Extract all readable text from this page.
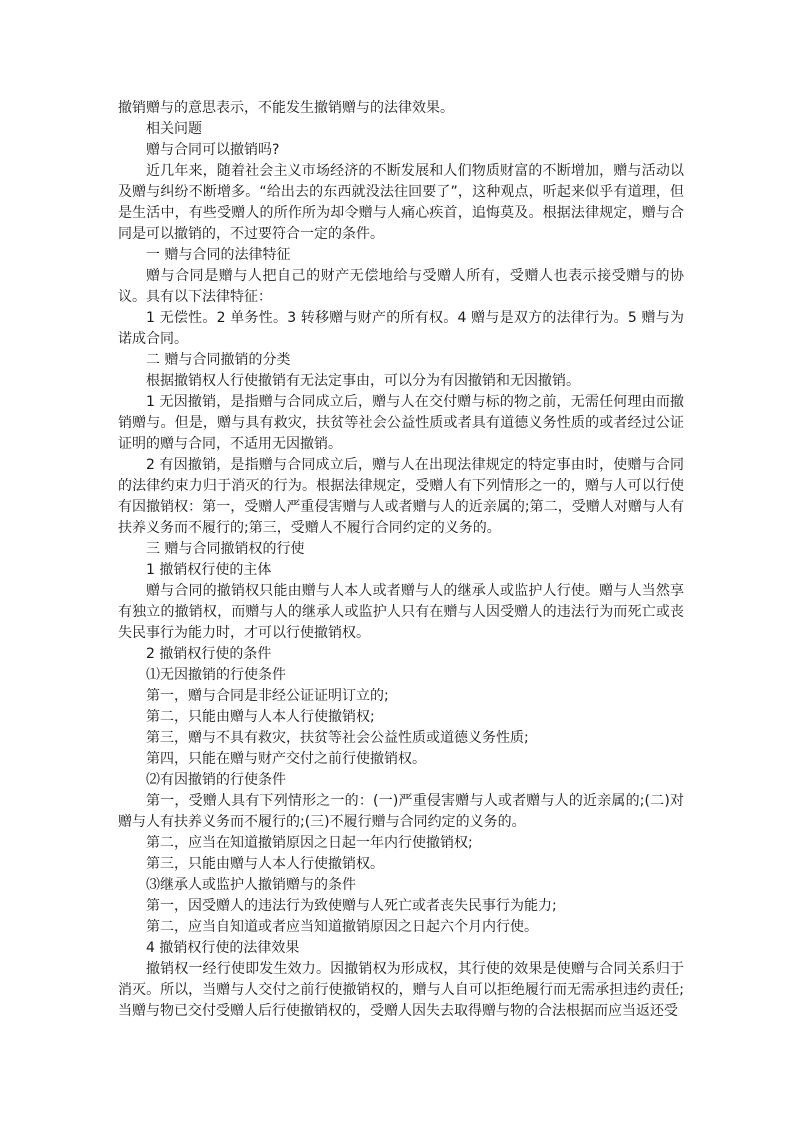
撤销赠与的意思表示，不能发生撤销赠与的法律效果。

相关问题

赠与合同可以撤销吗?

近几年来，随着社会主义市场经济的不断发展和人们物质财富的不断增加，赠与活动以及赠与纠纷不断增多。“给出去的东西就没法往回要了”，这种观点，听起来似乎有道理，但是生活中，有些受赠人的所作所为却令赠与人痛心疾首，追悔莫及。根据法律规定，赠与合同是可以撤销的，不过要符合一定的条件。

一 赠与合同的法律特征

赠与合同是赠与人把自己的财产无偿地给与受赠人所有，受赠人也表示接受赠与的协议。具有以下法律特征：

1 无偿性。2 单务性。3 转移赠与财产的所有权。4 赠与是双方的法律行为。5 赠与为诺成合同。

二 赠与合同撤销的分类

根据撤销权人行使撤销有无法定事由，可以分为有因撤销和无因撤销。

1 无因撤销，是指赠与合同成立后，赠与人在交付赠与标的物之前，无需任何理由而撤销赠与。但是，赠与具有救灾，扶贫等社会公益性质或者具有道德义务性质的或者经过公证证明的赠与合同，不适用无因撤销。

2 有因撤销，是指赠与合同成立后，赠与人在出现法律规定的特定事由时，使赠与合同的法律约束力归于消灭的行为。根据法律规定，受赠人有下列情形之一的，赠与人可以行使有因撤销权：第一，受赠人严重侵害赠与人或者赠与人的近亲属的;第二，受赠人对赠与人有扶养义务而不履行的;第三，受赠人不履行合同约定的义务的。

三 赠与合同撤销权的行使

1 撤销权行使的主体

赠与合同的撤销权只能由赠与人本人或者赠与人的继承人或监护人行使。赠与人当然享有独立的撤销权，而赠与人的继承人或监护人只有在赠与人因受赠人的违法行为而死亡或丧失民事行为能力时，才可以行使撤销权。

2 撤销权行使的条件

⑴无因撤销的行使条件

第一，赠与合同是非经公证证明订立的;

第二，只能由赠与人本人行使撤销权;

第三，赠与不具有救灾，扶贫等社会公益性质或道德义务性质;

第四，只能在赠与财产交付之前行使撤销权。

⑵有因撤销的行使条件

第一，受赠人具有下列情形之一的：(一)严重侵害赠与人或者赠与人的近亲属的;(二)对赠与人有扶养义务而不履行的;(三)不履行赠与合同约定的义务的。

第二，应当在知道撤销原因之日起一年内行使撤销权;

第三，只能由赠与人本人行使撤销权。

⑶继承人或监护人撤销赠与的条件

第一，因受赠人的违法行为致使赠与人死亡或者丧失民事行为能力;

第二，应当自知道或者应当知道撤销原因之日起六个月内行使。

4 撤销权行使的法律效果

撤销权一经行使即发生效力。因撤销权为形成权，其行使的效果是使赠与合同关系归于消灭。所以，当赠与人交付之前行使撤销权的，赠与人自可以拒绝履行而无需承担违约责任;当赠与物已交付受赠人后行使撤销权的，受赠人因失去取得赠与物的合法根据而应当返还受
